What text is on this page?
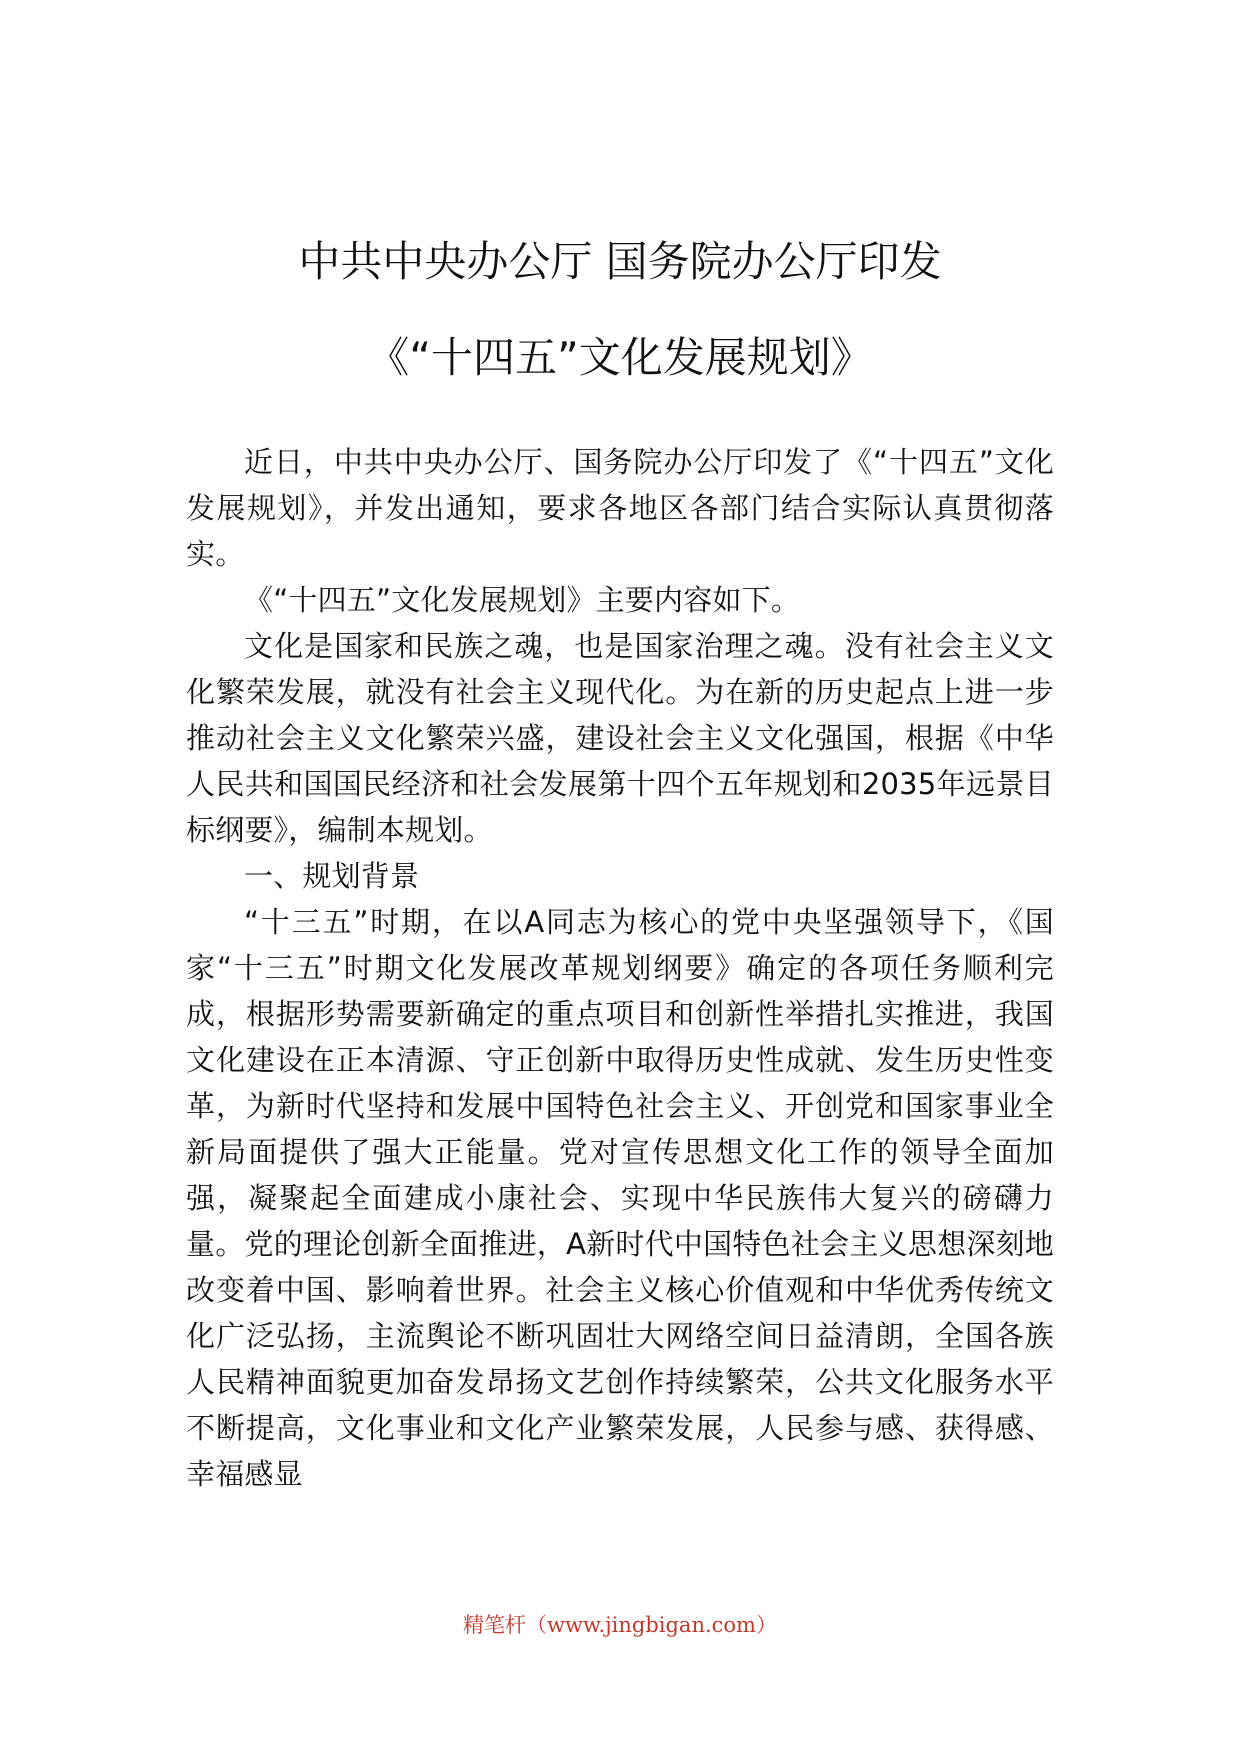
中共中央办公厅 国务院办公厅印发
《“十四五”文化发展规划》

近日，中共中央办公厅、国务院办公厅印发了《“十四五”文化发展规划》，并发出通知，要求各地区各部门结合实际认真贯彻落实。

《“十四五”文化发展规划》主要内容如下。

文化是国家和民族之魂，也是国家治理之魂。没有社会主义文化繁荣发展，就没有社会主义现代化。为在新的历史起点上进一步推动社会主义文化繁荣兴盛，建设社会主义文化强国，根据《中华人民共和国国民经济和社会发展第十四个五年规划和2035年远景目标纲要》，编制本规划。

一、规划背景

“十三五”时期，在以A同志为核心的党中央坚强领导下，《国家“十三五”时期文化发展改革规划纲要》确定的各项任务顺利完成，根据形势需要新确定的重点项目和创新性举措扎实推进，我国文化建设在正本清源、守正创新中取得历史性成就、发生历史性变革，为新时代坚持和发展中国特色社会主义、开创党和国家事业全新局面提供了强大正能量。党对宣传思想文化工作的领导全面加强，凝聚起全面建成小康社会、实现中华民族伟大复兴的磅礴力量。党的理论创新全面推进，A新时代中国特色社会主义思想深刻地改变着中国、影响着世界。社会主义核心价值观和中华优秀传统文化广泛弘扬，主流舆论不断巩固壮大网络空间日益清朗，全国各族人民精神面貌更加奋发昂扬文艺创作持续繁荣，公共文化服务水平不断提高，文化事业和文化产业繁荣发展，人民参与感、获得感、幸福感显

精笔杆（www.jingbigan.com）
